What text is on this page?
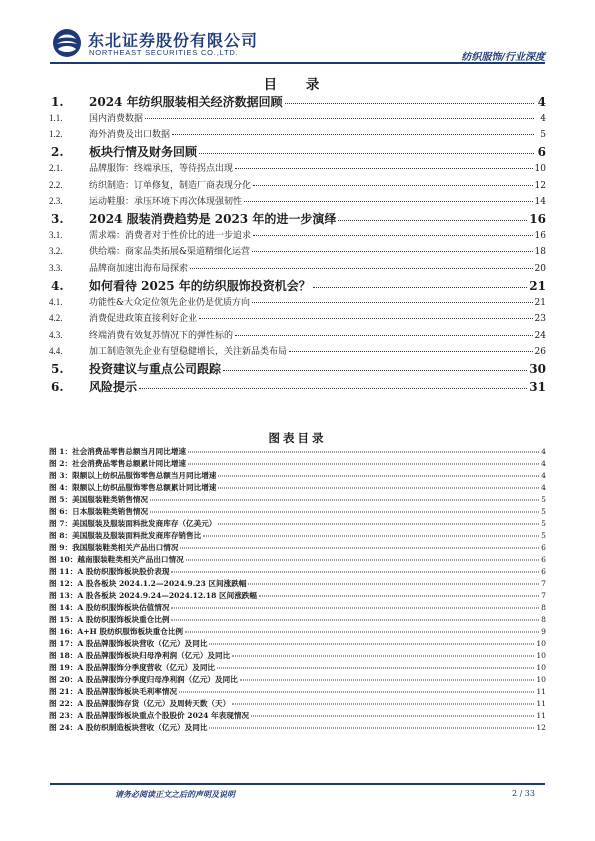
东北证券股份有限公司
NORTHEAST SECURITIES CO.,LTD.	纺织服饰/行业深度
目 录
1.	2024 年纺织服装相关经济数据回顾	4
1.1.	国内消费数据	4
1.2.	海外消费及出口数据	5
2.	板块行情及财务回顾	6
2.1.	品牌服饰：终端承压，等待拐点出现	10
2.2.	纺织制造：订单修复，制造厂商表现分化	12
2.3.	运动鞋服：承压环境下再次体现强韧性	14
3.	2024 服装消费趋势是 2023 年的进一步演绎	16
3.1.	需求端：消费者对于性价比的进一步追求	16
3.2.	供给端：商家品类拓展&渠道精细化运营	18
3.3.	品牌商加速出海布局探索	20
4.	如何看待 2025 年的纺织服饰投资机会？	21
4.1.	功能性&大众定位领先企业仍是优质方向	21
4.2.	消费促进政策直接利好企业	23
4.3.	终端消费有效复苏情况下的弹性标的	24
4.4.	加工制造领先企业有望稳健增长，关注新品类布局	26
5.	投资建议与重点公司跟踪	30
6.	风险提示	31
图表目录
图 1：社会消费品零售总额当月同比增速	4
图 2：社会消费品零售总额累计同比增速	4
图 3：限额以上纺织品服饰零售总额当月同比增速	4
图 4：限额以上纺织品服饰零售总额累计同比增速	4
图 5：美国服装鞋类销售情况	5
图 6：日本服装鞋类销售情况	5
图 7：美国服装及服装面料批发商库存（亿美元）	5
图 8：美国服装及服装面料批发商库存销售比	5
图 9：我国服装鞋类相关产品出口情况	6
图 10：越南服装鞋类相关产品出口情况	6
图 11：A 股纺织服饰板块股价表现	6
图 12：A 股各板块 2024.1.2—2024.9.23 区间涨跌幅	7
图 13：A 股各板块 2024.9.24—2024.12.18 区间涨跌幅	7
图 14：A 股纺织服饰板块估值情况	8
图 15：A 股纺织服饰板块重仓比例	8
图 16：A+H 股纺织服饰板块重仓比例	9
图 17：A 股品牌服饰板块营收（亿元）及同比	10
图 18：A 股品牌服饰板块归母净利润（亿元）及同比	10
图 19：A 股品牌服饰分季度营收（亿元）及同比	10
图 20：A 股品牌服饰分季度归母净利润（亿元）及同比	10
图 21：A 股品牌服饰板块毛利率情况	11
图 22：A 股品牌服饰存货（亿元）及周转天数（天）	11
图 23：A 股品牌服饰板块重点个股股价 2024 年表现情况	11
图 24：A 股纺织制造板块营收（亿元）及同比	12
请务必阅读正文之后的声明及说明	2 / 33
